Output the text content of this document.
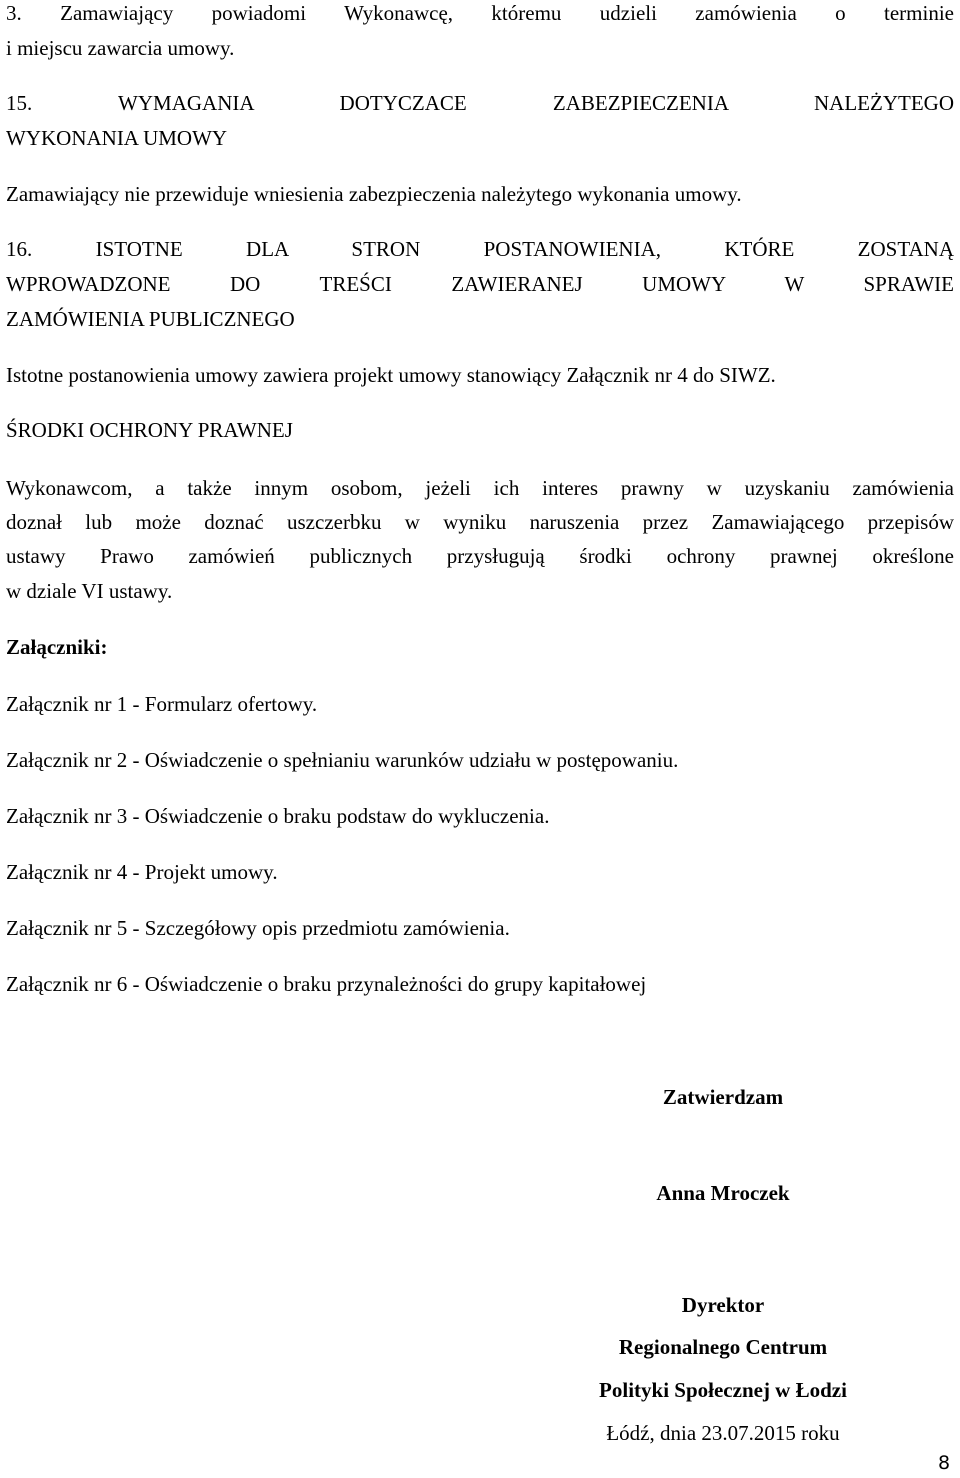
3. Zamawiający powiadomi Wykonawcę, któremu udzieli zamówienia o terminie

i miejscu zawarcia umowy.

15. WYMAGANIA DOTYCZACE ZABEZPIECZENIA NALEŻYTEGO

WYKONANIA UMOWY

Zamawiający nie przewiduje wniesienia zabezpieczenia należytego wykonania umowy.

16. ISTOTNE DLA STRON POSTANOWIENIA, KTÓRE ZOSTANĄ

WPROWADZONE DO TREŚCI ZAWIERANEJ UMOWY W SPRAWIE

ZAMÓWIENIA PUBLICZNEGO

Istotne postanowienia umowy zawiera projekt umowy stanowiący Załącznik nr 4 do SIWZ.

ŚRODKI OCHRONY PRAWNEJ

Wykonawcom, a także innym osobom, jeżeli ich interes prawny w uzyskaniu zamówienia

doznał lub może doznać uszczerbku w wyniku naruszenia przez Zamawiającego przepisów

ustawy Prawo zamówień publicznych przysługują środki ochrony prawnej określone

w dziale VI ustawy.

Załączniki:

Załącznik nr 1 - Formularz ofertowy.

Załącznik nr 2 - Oświadczenie o spełnianiu warunków udziału w postępowaniu.

Załącznik nr 3 - Oświadczenie o braku podstaw do wykluczenia.

Załącznik nr 4 - Projekt umowy.

Załącznik nr 5 - Szczegółowy opis przedmiotu zamówienia.

Załącznik nr 6 - Oświadczenie o braku przynależności do grupy kapitałowej

Zatwierdzam

Anna Mroczek

Dyrektor

Regionalnego Centrum

Polityki Społecznej w Łodzi

Łódź, dnia 23.07.2015 roku

8
